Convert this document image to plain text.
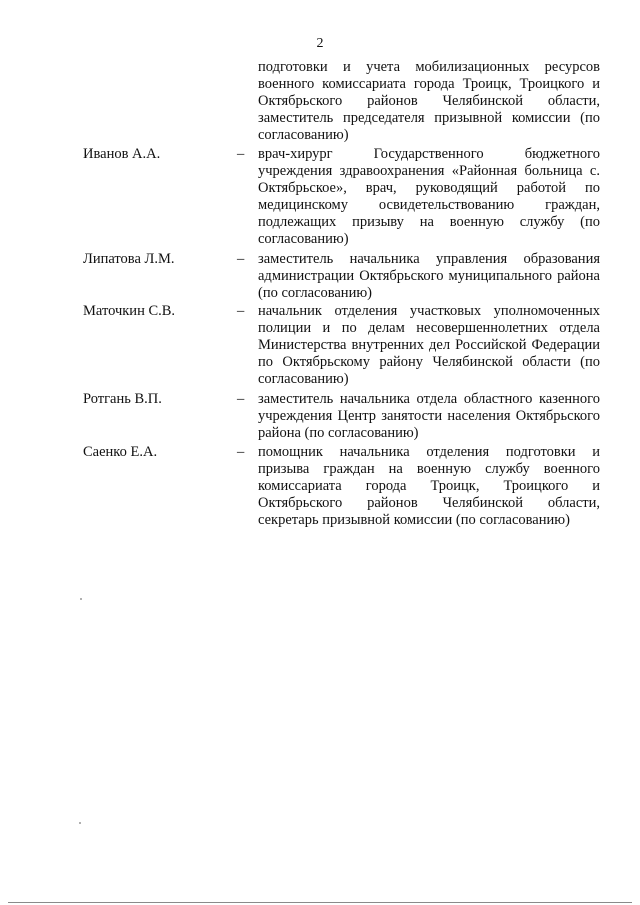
2
подготовки и учета мобилизационных ресурсов военного комиссариата города Троицк, Троицкого и Октябрьского районов Челябинской области, заместитель председателя призывной комиссии (по согласованию)
Иванов А.А.	– врач-хирург Государственного бюджетного учреждения здравоохранения «Районная больница с. Октябрьское», врач, руководящий работой по медицинскому освидетельствованию граждан, подлежащих призыву на военную службу (по согласованию)
Липатова Л.М.	– заместитель начальника управления образования администрации Октябрьского муниципального района (по согласованию)
Маточкин С.В.	– начальник отделения участковых уполномоченных полиции и по делам несовершеннолетних отдела Министерства внутренних дел Российской Федерации по Октябрьскому району Челябинской области (по согласованию)
Ротгань В.П.	– заместитель начальника отдела областного казенного учреждения Центр занятости населения Октябрьского района (по согласованию)
Саенко Е.А.	– помощник начальника отделения подготовки и призыва граждан на военную службу военного комиссариата города Троицк, Троицкого и Октябрьского районов Челябинской области, секретарь призывной комиссии (по согласованию)
